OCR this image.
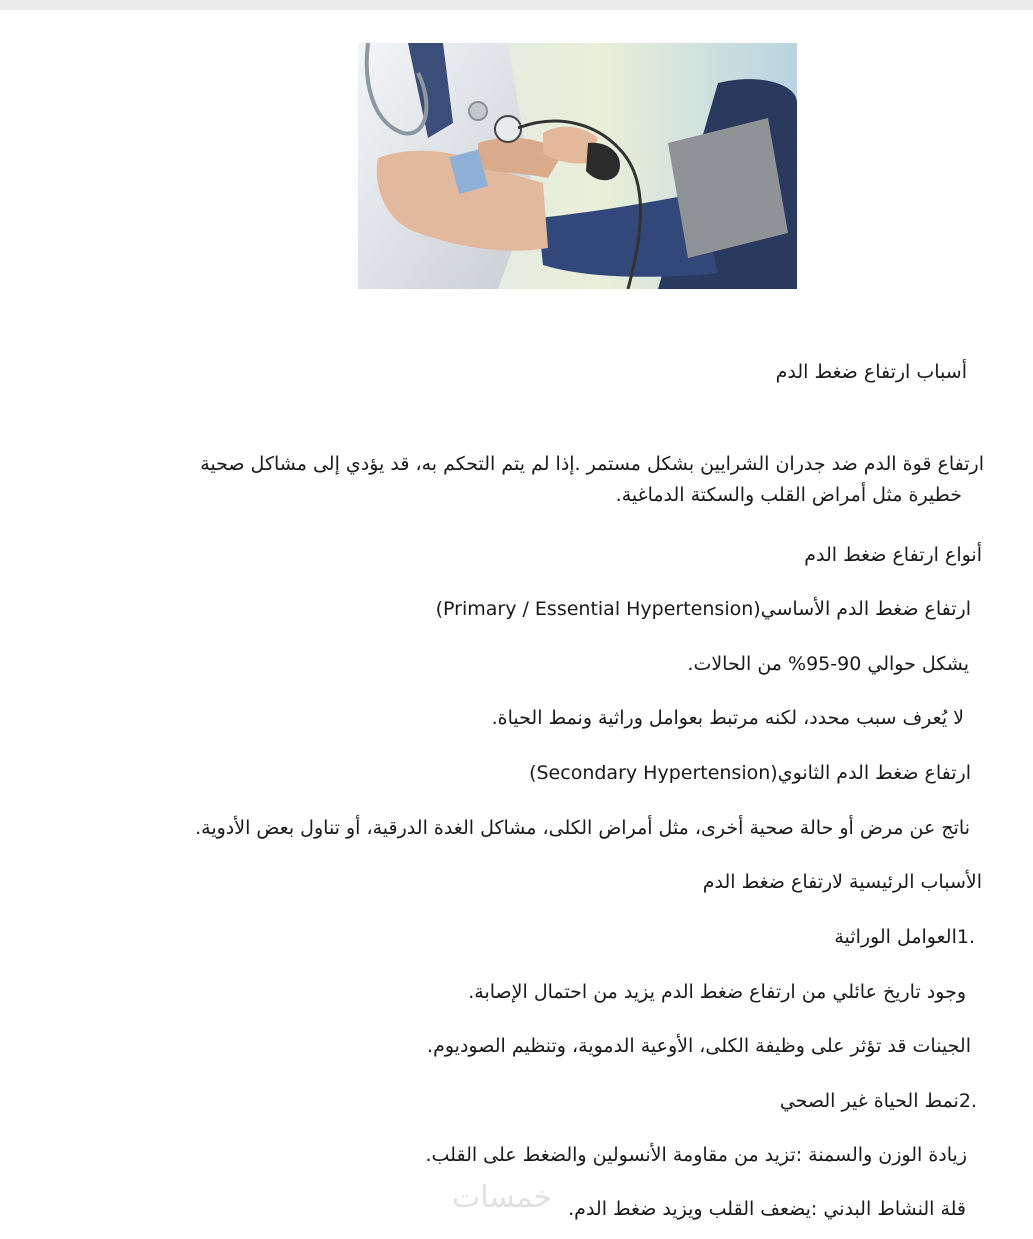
أسباب ارتفاع ضغط الدم
ارتفاع قوة الدم ضد جدران الشرايين بشكل مستمر .إذا لم يتم التحكم به، قد يؤدي إلى مشاكل صحية

خطيرة مثل أمراض القلب والسكتة الدماغية.
أنواع ارتفاع ضغط الدم
ارتفاع ضغط الدم الأساسي(Primary / Essential Hypertension)
يشكل حوالي 90-95% من الحالات.
لا يُعرف سبب محدد، لكنه مرتبط بعوامل وراثية ونمط الحياة.
ارتفاع ضغط الدم الثانوي(Secondary Hypertension)
ناتج عن مرض أو حالة صحية أخرى، مثل أمراض الكلى، مشاكل الغدة الدرقية، أو تناول بعض الأدوية.
الأسباب الرئيسية لارتفاع ضغط الدم
.1العوامل الوراثية
وجود تاريخ عائلي من ارتفاع ضغط الدم يزيد من احتمال الإصابة.
الجينات قد تؤثر على وظيفة الكلى، الأوعية الدموية، وتنظيم الصوديوم.
.2نمط الحياة غير الصحي
زيادة الوزن والسمنة :تزيد من مقاومة الأنسولين والضغط على القلب.
قلة النشاط البدني :يضعف القلب ويزيد ضغط الدم.
خمسات
